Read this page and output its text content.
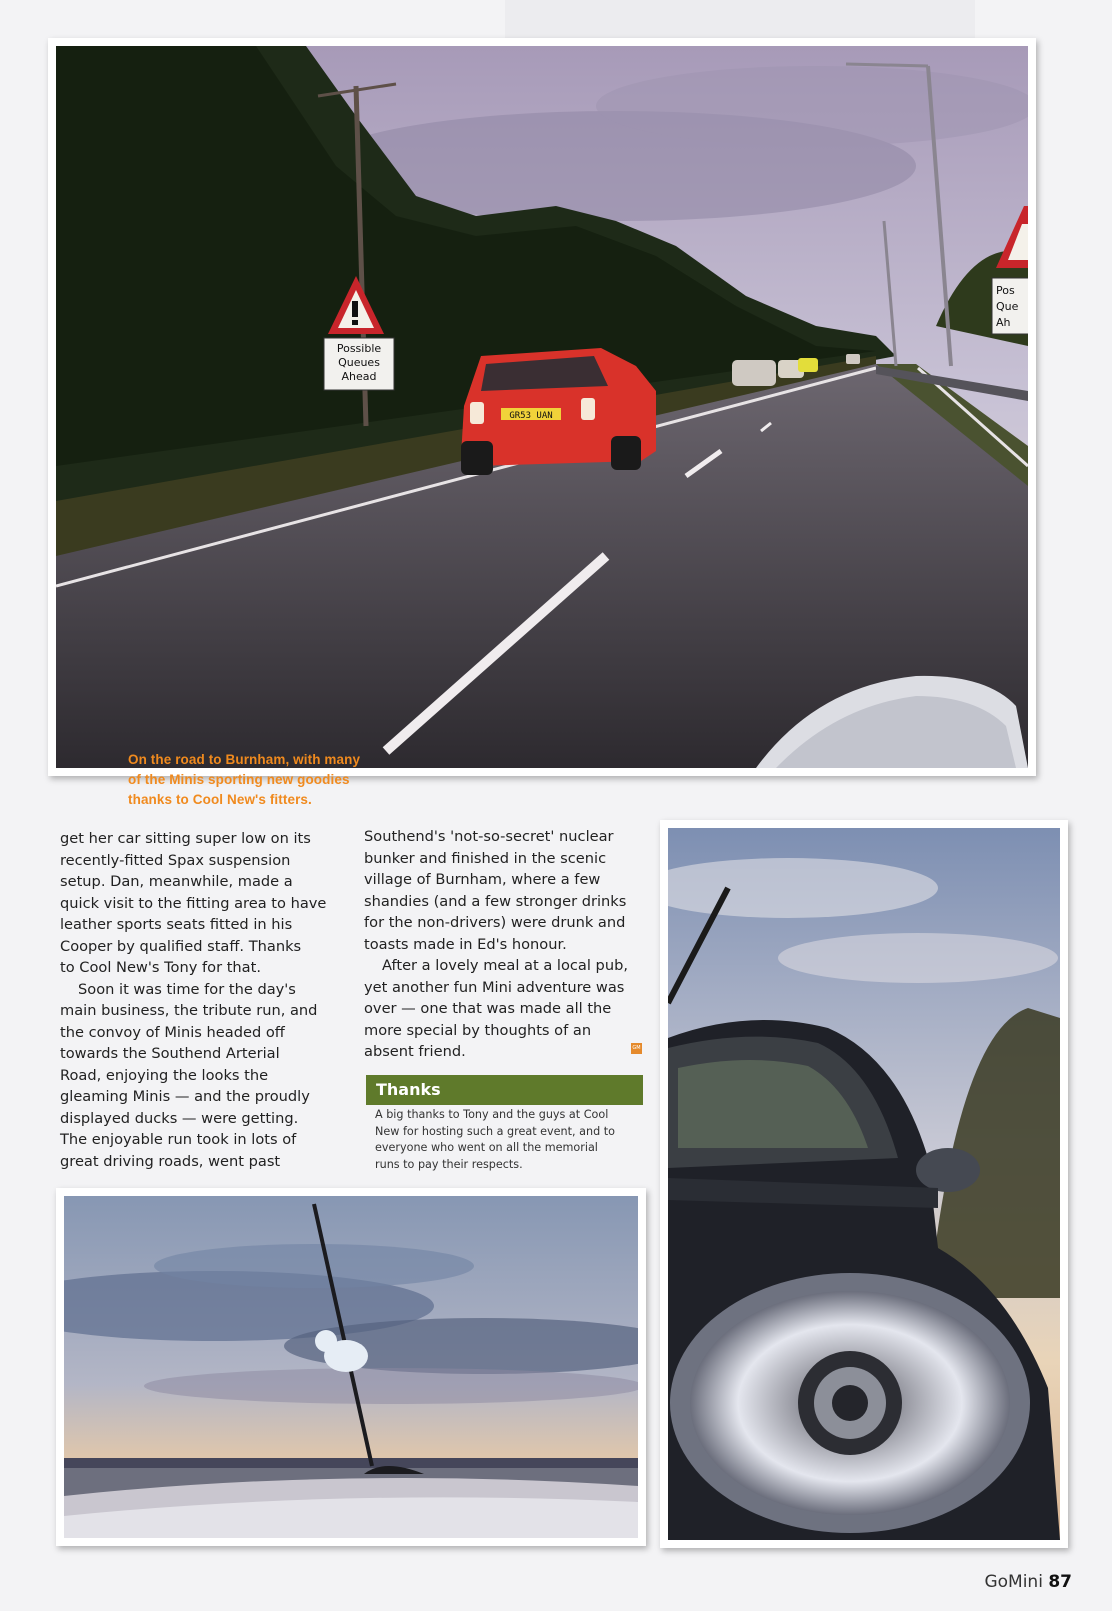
Possible
Queues
Ahead
Pos
Que
Ah
GR53 UAN
On the road to Burnham, with many
of the Minis sporting new goodies
thanks to Cool New's fitters.
get her car sitting super low on its
recently-fitted Spax suspension
setup. Dan, meanwhile, made a
quick visit to the fitting area to have
leather sports seats fitted in his
Cooper by qualified staff. Thanks
to Cool New's Tony for that.
Soon it was time for the day's
main business, the tribute run, and
the convoy of Minis headed off
towards the Southend Arterial
Road, enjoying the looks the
gleaming Minis — and the proudly
displayed ducks — were getting.
The enjoyable run took in lots of
great driving roads, went past
Southend's 'not-so-secret' nuclear
bunker and finished in the scenic
village of Burnham, where a few
shandies (and a few stronger drinks
for the non-drivers) were drunk and
toasts made in Ed's honour.
After a lovely meal at a local pub,
yet another fun Mini adventure was
over — one that was made all the
more special by thoughts of an
absent friend.	GM
Thanks
A big thanks to Tony and the guys at Cool
New for hosting such a great event, and to
everyone who went on all the memorial
runs to pay their respects.
GoMini 87
